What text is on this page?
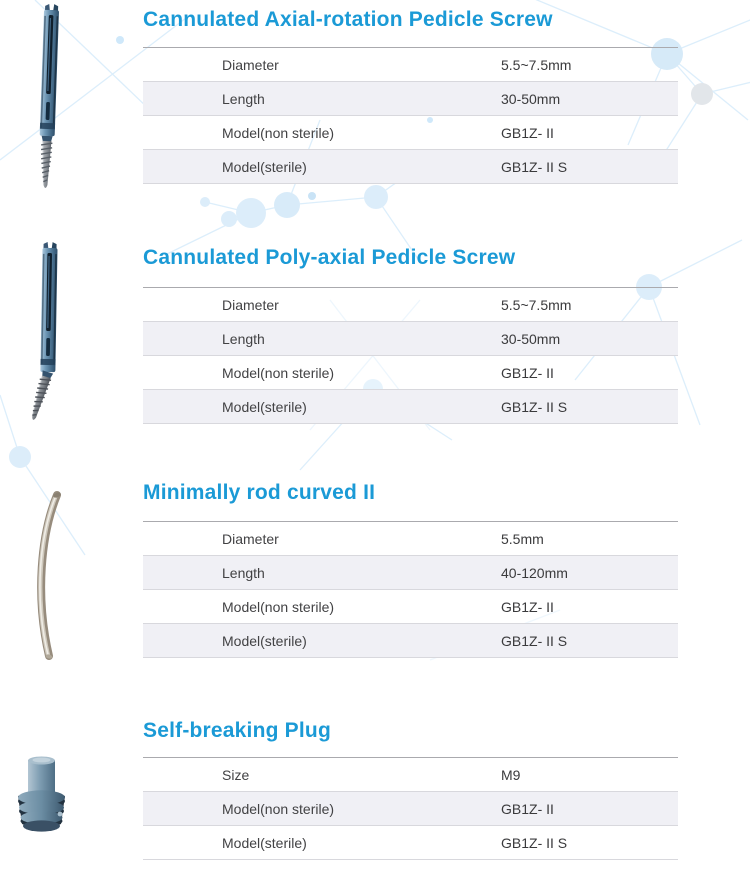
Cannulated Axial-rotation Pedicle Screw
Diameter	5.5~7.5mm
Length	30-50mm
Model(non sterile)	GB1Z- II
Model(sterile)	GB1Z- II S
Cannulated Poly-axial Pedicle Screw
Diameter	5.5~7.5mm
Length	30-50mm
Model(non sterile)	GB1Z- II
Model(sterile)	GB1Z- II S
Minimally rod curved II
Diameter	5.5mm
Length	40-120mm
Model(non sterile)	GB1Z- II
Model(sterile)	GB1Z- II S
Self-breaking Plug
Size	M9
Model(non sterile)	GB1Z- II
Model(sterile)	GB1Z- II S
